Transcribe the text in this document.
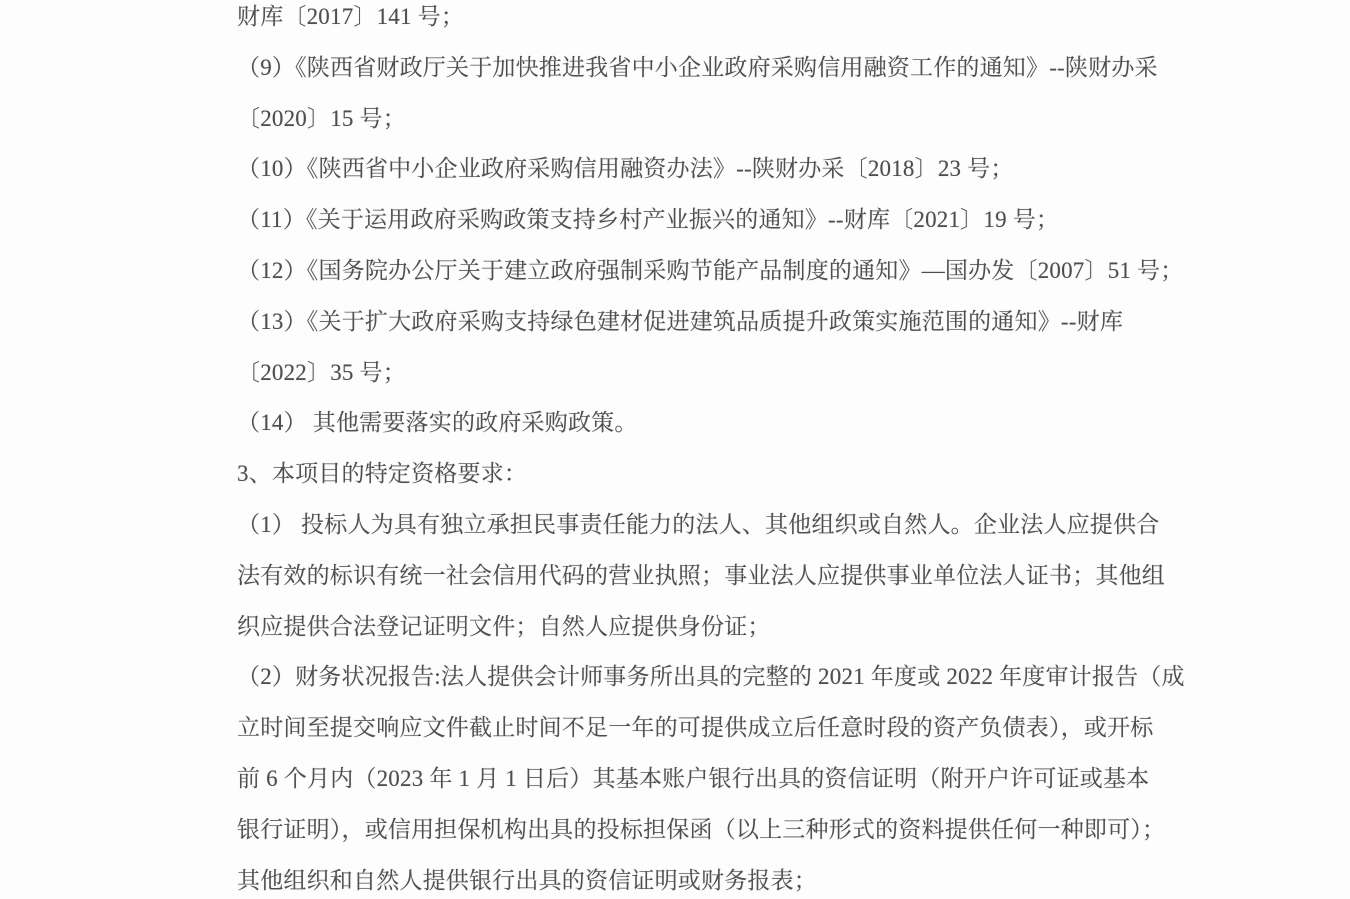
财库〔2017〕141 号；
（9）《陕西省财政厅关于加快推进我省中小企业政府采购信用融资工作的通知》--陕财办采
〔2020〕15 号；
（10）《陕西省中小企业政府采购信用融资办法》--陕财办采〔2018〕23 号；
（11）《关于运用政府采购政策支持乡村产业振兴的通知》--财库〔2021〕19 号；
（12）《国务院办公厅关于建立政府强制采购节能产品制度的通知》—国办发〔2007〕51 号；
（13）《关于扩大政府采购支持绿色建材促进建筑品质提升政策实施范围的通知》--财库
〔2022〕35 号；
（14） 其他需要落实的政府采购政策。
3、本项目的特定资格要求：
（1） 投标人为具有独立承担民事责任能力的法人、其他组织或自然人。企业法人应提供合
法有效的标识有统一社会信用代码的营业执照；事业法人应提供事业单位法人证书；其他组
织应提供合法登记证明文件；自然人应提供身份证；
（2）财务状况报告:法人提供会计师事务所出具的完整的 2021 年度或 2022 年度审计报告（成
立时间至提交响应文件截止时间不足一年的可提供成立后任意时段的资产负债表），或开标
前 6 个月内（2023 年 1 月 1 日后）其基本账户银行出具的资信证明（附开户许可证或基本
银行证明），或信用担保机构出具的投标担保函（以上三种形式的资料提供任何一种即可）；
其他组织和自然人提供银行出具的资信证明或财务报表；
